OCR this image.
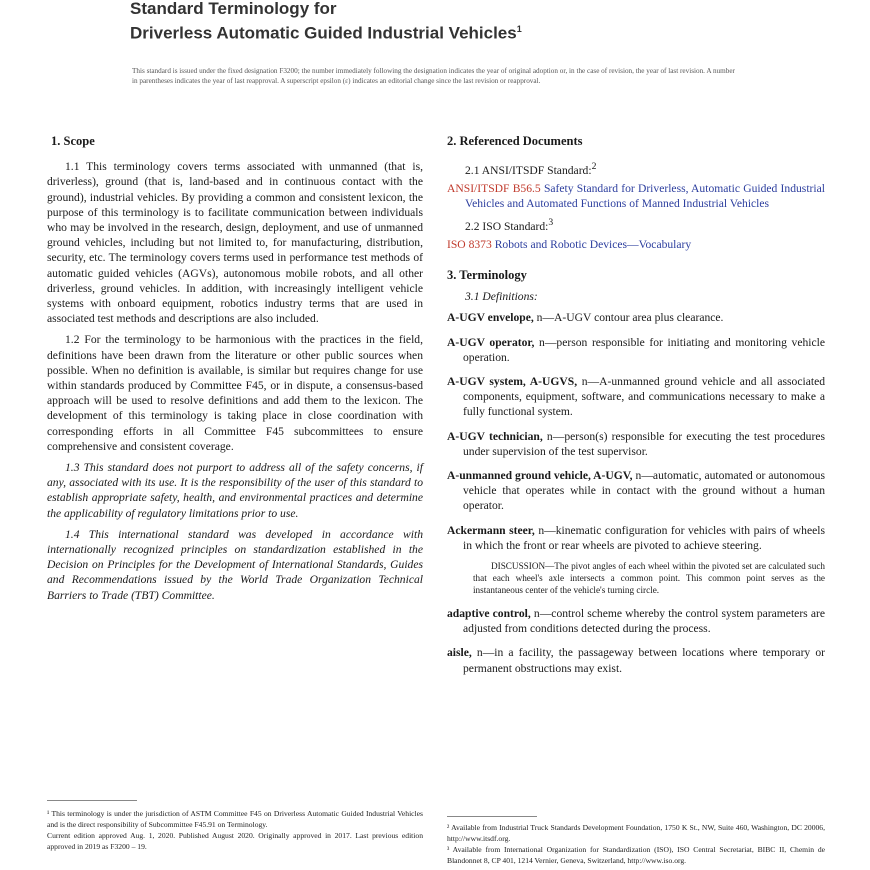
Standard Terminology for
Driverless Automatic Guided Industrial Vehicles$^1$
This standard is issued under the fixed designation F3200; the number immediately following the designation indicates the year of original adoption or, in the case of revision, the year of last revision. A number in parentheses indicates the year of last reapproval. A superscript epsilon (ε) indicates an editorial change since the last revision or reapproval.
1. Scope

1.1 This terminology covers terms associated with unmanned (that is, driverless), ground (that is, land-based and in continuous contact with the ground), industrial vehicles. By providing a common and consistent lexicon, the purpose of this terminology is to facilitate communication between individuals who may be involved in the research, design, deployment, and use of unmanned ground vehicles, including but not limited to, for manufacturing, distribution, security, etc. The terminology covers terms used in performance test methods of automatic guided vehicles (AGVs), autonomous mobile robots, and all other driverless, ground vehicles. In addition, with increasingly intelligent vehicle systems with onboard equipment, robotics industry terms that are used in associated test methods and descriptions are also included.

1.2 For the terminology to be harmonious with the practices in the field, definitions have been drawn from the literature or other public sources when possible. When no definition is available, is similar but requires change for use within standards produced by Committee F45, or in dispute, a consensus-based approach will be used to resolve definitions and add them to the lexicon. The development of this terminology is taking place in close coordination with corresponding efforts in all Committee F45 subcommittees to ensure comprehensive and consistent coverage.

1.3 This standard does not purport to address all of the safety concerns, if any, associated with its use. It is the responsibility of the user of this standard to establish appropriate safety, health, and environmental practices and determine the applicability of regulatory limitations prior to use.

1.4 This international standard was developed in accordance with internationally recognized principles on standardization established in the Decision on Principles for the Development of International Standards, Guides and Recommendations issued by the World Trade Organization Technical Barriers to Trade (TBT) Committee.

2. Referenced Documents

2.1 ANSI/ITSDF Standard:$^2$

ANSI/ITSDF B56.5 Safety Standard for Driverless, Automatic Guided Industrial Vehicles and Automated Functions of Manned Industrial Vehicles

2.2 ISO Standard:$^3$

ISO 8373 Robots and Robotic Devices—Vocabulary

3. Terminology

3.1 Definitions:

A-UGV envelope, n—A-UGV contour area plus clearance.

A-UGV operator, n—person responsible for initiating and monitoring vehicle operation.

A-UGV system, A-UGVS, n—A-unmanned ground vehicle and all associated components, equipment, software, and communications necessary to make a fully functional system.

A-UGV technician, n—person(s) responsible for executing the test procedures under supervision of the test supervisor.

A-unmanned ground vehicle, A-UGV, n—automatic, automated or autonomous vehicle that operates while in contact with the ground without a human operator.

Ackermann steer, n—kinematic configuration for vehicles with pairs of wheels in which the front or rear wheels are pivoted to achieve steering.

DISCUSSION—The pivot angles of each wheel within the pivoted set are calculated such that each wheel's axle intersects a common point. This common point serves as the instantaneous center of the vehicle's turning circle.

adaptive control, n—control scheme whereby the control system parameters are adjusted from conditions detected during the process.

aisle, n—in a facility, the passageway between locations where temporary or permanent obstructions may exist.

¹ This terminology is under the jurisdiction of ASTM Committee F45 on Driverless Automatic Guided Industrial Vehicles and is the direct responsibility of Subcommittee F45.91 on Terminology.
Current edition approved Aug. 1, 2020. Published August 2020. Originally approved in 2017. Last previous edition approved in 2019 as F3200 – 19.
² Available from Industrial Truck Standards Development Foundation, 1750 K St., NW, Suite 460, Washington, DC 20006, http://www.itsdf.org.
³ Available from International Organization for Standardization (ISO), ISO Central Secretariat, BIBC II, Chemin de Blandonnet 8, CP 401, 1214 Vernier, Geneva, Switzerland, http://www.iso.org.
